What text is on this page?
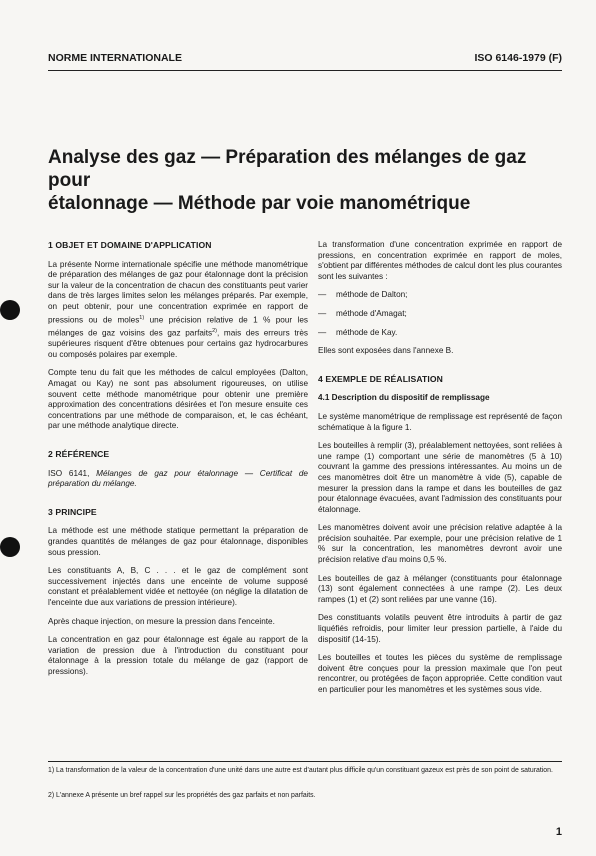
NORME INTERNATIONALE	ISO 6146-1979 (F)
Analyse des gaz — Préparation des mélanges de gaz pour
étalonnage — Méthode par voie manométrique
1 OBJET ET DOMAINE D'APPLICATION

La présente Norme internationale spécifie une méthode manométrique de préparation des mélanges de gaz pour étalonnage dont la précision sur la valeur de la concentration de chacun des constituants peut varier dans de très larges limites selon les mélanges préparés. Par exemple, on peut obtenir, pour une concentration exprimée en rapport de pressions ou de moles$^{1)}$ une précision relative de 1 % pour les mélanges de gaz voisins des gaz parfaits$^{2)}$, mais des erreurs très supérieures risquent d'être obtenues pour certains gaz hydrocarbures ou composés polaires par exemple.

Compte tenu du fait que les méthodes de calcul employées (Dalton, Amagat ou Kay) ne sont pas absolument rigoureuses, on utilise souvent cette méthode manométrique pour obtenir une première approximation des concentrations désirées et l'on mesure ensuite ces concentrations par une méthode de comparaison, et, le cas échéant, par une méthode analytique directe.

2 RÉFÉRENCE

ISO 6141, Mélanges de gaz pour étalonnage — Certificat de préparation du mélange.

3 PRINCIPE

La méthode est une méthode statique permettant la préparation de grandes quantités de mélanges de gaz pour étalonnage, disponibles sous pression.

Les constituants A, B, C . . . et le gaz de complément sont successivement injectés dans une enceinte de volume supposé constant et préalablement vidée et nettoyée (on néglige la dilatation de l'enceinte due aux variations de pression intérieure).

Après chaque injection, on mesure la pression dans l'enceinte.

La concentration en gaz pour étalonnage est égale au rapport de la variation de pression due à l'introduction du constituant pour étalonnage à la pression totale du mélange de gaz (rapport de pressions).

La transformation d'une concentration exprimée en rapport de pressions, en concentration exprimée en rapport de moles, s'obtient par différentes méthodes de calcul dont les plus courantes sont les suivantes :

— méthode de Dalton;
— méthode d'Amagat;
— méthode de Kay.

Elles sont exposées dans l'annexe B.

4 EXEMPLE DE RÉALISATION
4.1 Description du dispositif de remplissage

Le système manométrique de remplissage est représenté de façon schématique à la figure 1.

Les bouteilles à remplir (3), préalablement nettoyées, sont reliées à une rampe (1) comportant une série de manomètres (5 à 10) couvrant la gamme des pressions intéressantes. Au moins un de ces manomètres doit être un manomètre à vide (5), capable de mesurer la pression dans la rampe et dans les bouteilles de gaz pour étalonnage évacuées, avant l'admission des constituants pour étalonnage.

Les manomètres doivent avoir une précision relative adaptée à la précision souhaitée. Par exemple, pour une précision relative de 1 % sur la concentration, les manomètres devront avoir une précision relative d'au moins 0,5 %.

Les bouteilles de gaz à mélanger (constituants pour étalonnage (13) sont également connectées à une rampe (2). Les deux rampes (1) et (2) sont reliées par une vanne (16).

Des constituants volatils peuvent être introduits à partir de gaz liquéfiés refroidis, pour limiter leur pression partielle, à l'aide du dispositif (14-15).

Les bouteilles et toutes les pièces du système de remplissage doivent être conçues pour la pression maximale que l'on peut rencontrer, ou protégées de façon appropriée. Cette condition vaut en particulier pour les manomètres et les systèmes sous vide.

1) La transformation de la valeur de la concentration d'une unité dans une autre est d'autant plus difficile qu'un constituant gazeux est près de son point de saturation.
2) L'annexe A présente un bref rappel sur les propriétés des gaz parfaits et non parfaits.
1
